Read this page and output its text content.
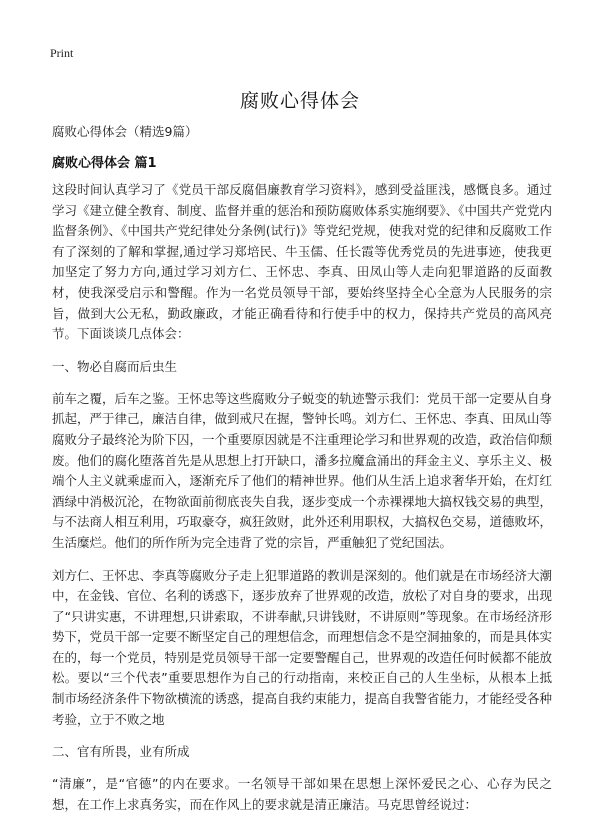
Print
腐败心得体会
腐败心得体会（精选9篇）
腐败心得体会 篇1

这段时间认真学习了《党员干部反腐倡廉教育学习资料》，感到受益匪浅，感慨良多。通过学习《建立健全教育、制度、监督并重的惩治和预防腐败体系实施纲要》、《中国共产党党内监督条例》、《中国共产党纪律处分条例(试行)》等党纪党规，使我对党的纪律和反腐败工作有了深刻的了解和掌握,通过学习郑培民、牛玉儒、任长霞等优秀党员的先进事迹，使我更加坚定了努力方向,通过学习刘方仁、王怀忠、李真、田凤山等人走向犯罪道路的反面教材，使我深受启示和警醒。作为一名党员领导干部，要始终坚持全心全意为人民服务的宗旨，做到大公无私，勤政廉政，才能正确看待和行使手中的权力，保持共产党员的高风亮节。下面谈谈几点体会：

一、物必自腐而后虫生

前车之覆，后车之鉴。王怀忠等这些腐败分子蜕变的轨迹警示我们：党员干部一定要从自身抓起，严于律己，廉洁自律，做到戒尺在握，警钟长鸣。刘方仁、王怀忠、李真、田凤山等腐败分子最终沦为阶下囚，一个重要原因就是不注重理论学习和世界观的改造，政治信仰颓废。他们的腐化堕落首先是从思想上打开缺口，潘多拉魔盒涌出的拜金主义、享乐主义、极端个人主义就乘虚而入，逐渐充斥了他们的精神世界。他们从生活上追求奢华开始，在灯红酒绿中消极沉沦，在物欲面前彻底丧失自我，逐步变成一个赤裸裸地大搞权钱交易的典型，与不法商人相互利用，巧取豪夺，疯狂敛财，此外还利用职权，大搞权色交易，道德败坏，生活糜烂。他们的所作所为完全违背了党的宗旨，严重触犯了党纪国法。

刘方仁、王怀忠、李真等腐败分子走上犯罪道路的教训是深刻的。他们就是在市场经济大潮中，在金钱、官位、名利的诱惑下，逐步放弃了世界观的改造，放松了对自身的要求，出现了“只讲实惠，不讲理想,只讲索取，不讲奉献,只讲钱财，不讲原则”等现象。在市场经济形势下，党员干部一定要不断坚定自己的理想信念，而理想信念不是空洞抽象的，而是具体实在的，每一个党员，特别是党员领导干部一定要警醒自己，世界观的改造任何时候都不能放松。要以“三个代表”重要思想作为自己的行动指南，来校正自己的人生坐标，从根本上抵制市场经济条件下物欲横流的诱惑，提高自我约束能力，提高自我警省能力，才能经受各种考验，立于不败之地

二、官有所畏，业有所成

“清廉”，是“官德”的内在要求。一名领导干部如果在思想上深怀爱民之心、心存为民之想，在工作上求真务实，而在作风上的要求就是清正廉洁。马克思曾经说过：
